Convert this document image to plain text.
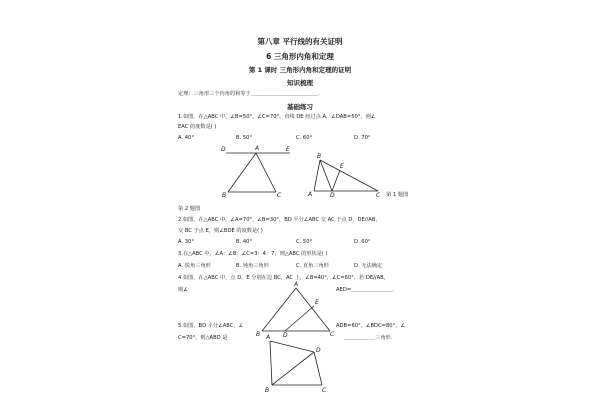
第八章 平行线的有关证明
6 三角形内角和定理
第 1 课时 三角形内角和定理的证明
知识梳理
定理：三角形三个内角的和等于＿＿＿＿＿＿＿＿＿＿＿＿＿.
基础练习
1.如图，在△ABC 中，∠B=50°，∠C=70°，直线 DE 经过点 A，∠DAB=50°，则∠
EAC 的度数是( )
A. 40°	B. 50°	C. 60°	D. 70°
D	A	E
B	C
B
E
A	D	C 第 1 题图
第 2 题图
2.如图，在△ABC 中，∠A=70°，∠B=30°，BD 平分∠ABC 交 AC 于点 D，DE//AB，
交 BC 于点 E，则∠BDE 的度数是( )
A. 30°	B. 40°	C. 50°	D. 60°
3.在△ABC 中，∠A：∠B：∠C=3：4：7，则△ABC 的形状是( )
A. 锐角三角形	B. 钝角三角形	C. 直角三角形	D. 无法确定
4.如图，在△ABC 中，点 D，E 分别在边 BC，AC 上，∠B=40°，∠C=60°，若 DE//AB，
则∠	AED=＿＿＿＿＿＿＿＿.
A
E
B	D	C
5.如图，BD 平分∠ABC，∠	ADB=60°，∠BDC=80°，∠
C=70°，则△ABD 是	＿＿＿＿＿＿三角形.
A
D
B	C
